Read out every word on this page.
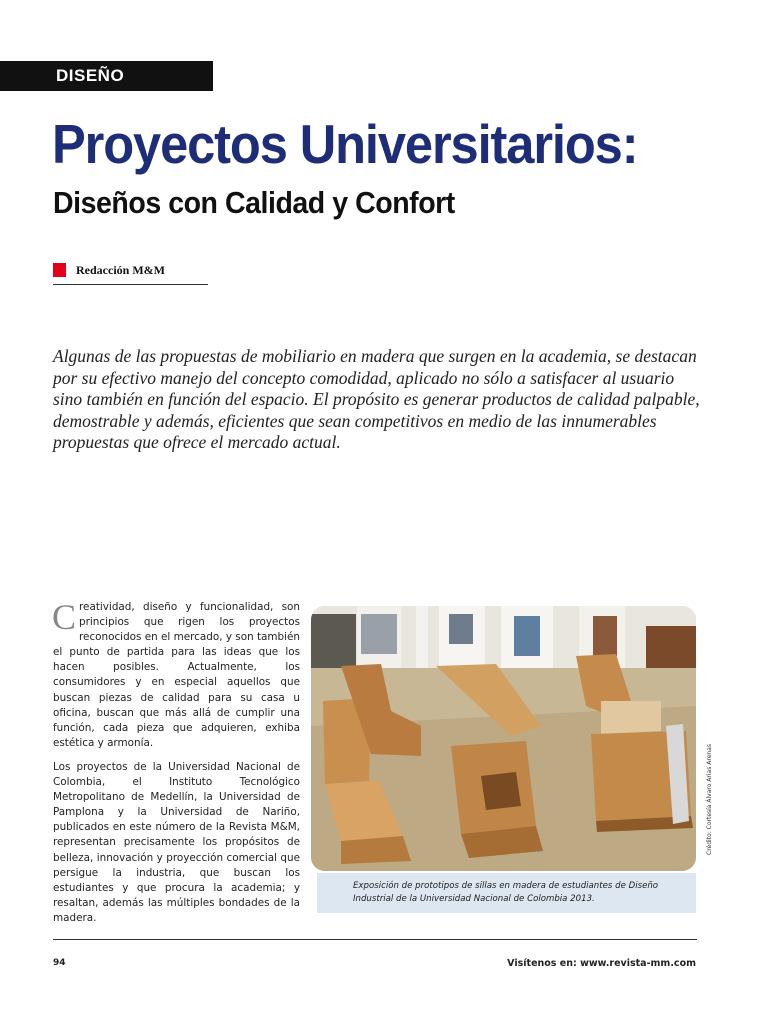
DISEÑO
Proyectos Universitarios:
Diseños con Calidad y Confort
Redacción M&M

Algunas de las propuestas de mobiliario en madera que surgen en la academia, se destacan por su efectivo manejo del concepto comodidad, aplicado no sólo a satisfacer al usuario sino también en función del espacio. El propósito es generar productos de calidad palpable, demostrable y además, eficientes que sean competitivos en medio de las innumerables propuestas que ofrece el mercado actual.

Creatividad, diseño y funcionalidad, son principios que rigen los proyectos reconocidos en el mercado, y son también el punto de partida para las ideas que los hacen posibles. Actualmente, los consumidores y en especial aquellos que buscan piezas de calidad para su casa u oficina, buscan que más allá de cumplir una función, cada pieza que adquieren, exhiba estética y armonía.

Los proyectos de la Universidad Nacional de Colombia, el Instituto Tecnológico Metropolitano de Medellín, la Universidad de Pamplona y la Universidad de Nariño, publicados en este número de la Revista M&M, representan precisamente los propósitos de belleza, innovación y proyección comercial que persigue la industria, que buscan los estudiantes y que procura la academia; y resaltan, además las múltiples bondades de la madera.

Exposición de prototipos de sillas en madera de estudiantes de Diseño Industrial de la Universidad Nacional de Colombia 2013.
Crédito: Cortesía Álvaro Arias Arenas
94	Visítenos en: www.revista-mm.com
